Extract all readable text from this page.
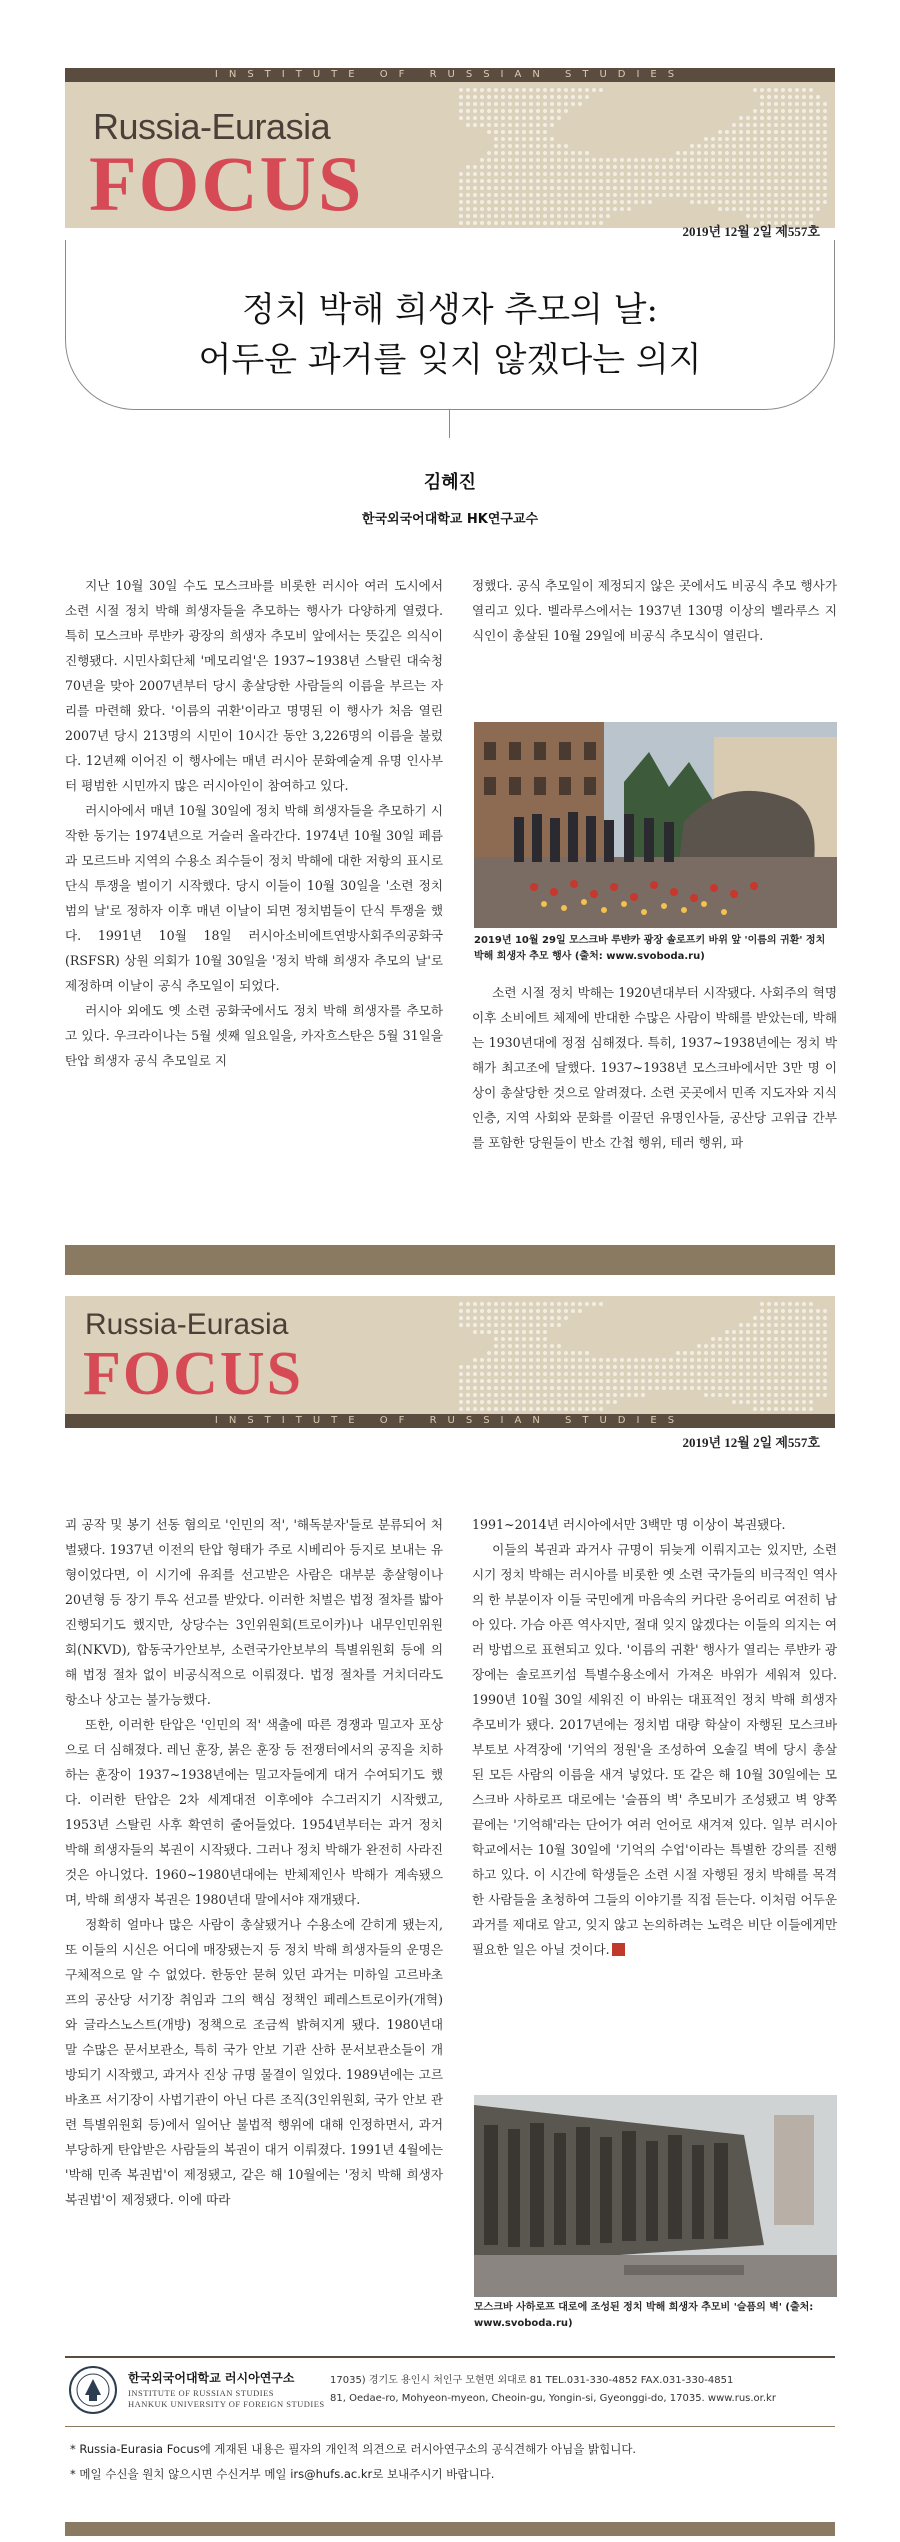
INSTITUTE OF RUSSIAN STUDIES
Russia-Eurasia
FOCUS
2019년 12월 2일 제557호
정치 박해 희생자 추모의 날:
어두운 과거를 잊지 않겠다는 의지
김혜진
한국외국어대학교 HK연구교수

지난 10월 30일 수도 모스크바를 비롯한 러시아 여러 도시에서 소련 시절 정치 박해 희생자들을 추모하는 행사가 다양하게 열렸다. 특히 모스크바 루뱐카 광장의 희생자 추모비 앞에서는 뜻깊은 의식이 진행됐다. 시민사회단체 '메모리얼'은 1937~1938년 스탈린 대숙청 70년을 맞아 2007년부터 당시 총살당한 사람들의 이름을 부르는 자리를 마련해 왔다. '이름의 귀환'이라고 명명된 이 행사가 처음 열린 2007년 당시 213명의 시민이 10시간 동안 3,226명의 이름을 불렀다. 12년째 이어진 이 행사에는 매년 러시아 문화예술계 유명 인사부터 평범한 시민까지 많은 러시아인이 참여하고 있다.

러시아에서 매년 10월 30일에 정치 박해 희생자들을 추모하기 시작한 동기는 1974년으로 거슬러 올라간다. 1974년 10월 30일 페름과 모르드바 지역의 수용소 죄수들이 정치 박해에 대한 저항의 표시로 단식 투쟁을 벌이기 시작했다. 당시 이들이 10월 30일을 '소련 정치범의 날'로 정하자 이후 매년 이날이 되면 정치범들이 단식 투쟁을 했다. 1991년 10월 18일 러시아소비에트연방사회주의공화국(RSFSR) 상원 의회가 10월 30일을 '정치 박해 희생자 추모의 날'로 제정하며 이날이 공식 추모일이 되었다.

러시아 외에도 옛 소련 공화국에서도 정치 박해 희생자를 추모하고 있다. 우크라이나는 5월 셋째 일요일을, 카자흐스탄은 5월 31일을 탄압 희생자 공식 추모일로 지

정했다. 공식 추모일이 제정되지 않은 곳에서도 비공식 추모 행사가 열리고 있다. 벨라루스에서는 1937년 130명 이상의 벨라루스 지식인이 총살된 10월 29일에 비공식 추모식이 열린다.

2019년 10월 29일 모스크바 루뱐카 광장 솔로프키 바위 앞 '이름의 귀환' 정치 박해 희생자 추모 행사 (출처: www.svoboda.ru)

소련 시절 정치 박해는 1920년대부터 시작됐다. 사회주의 혁명 이후 소비에트 체제에 반대한 수많은 사람이 박해를 받았는데, 박해는 1930년대에 정점 심해졌다. 특히, 1937~1938년에는 정치 박해가 최고조에 달했다. 1937~1938년 모스크바에서만 3만 명 이상이 총살당한 것으로 알려졌다. 소련 곳곳에서 민족 지도자와 지식인층, 지역 사회와 문화를 이끌던 유명인사들, 공산당 고위급 간부를 포함한 당원들이 반소 간첩 행위, 테러 행위, 파

Russia-Eurasia
FOCUS
INSTITUTE OF RUSSIAN STUDIES
2019년 12월 2일 제557호

괴 공작 및 봉기 선동 혐의로 '인민의 적', '해독분자'들로 분류되어 처벌됐다. 1937년 이전의 탄압 형태가 주로 시베리아 등지로 보내는 유형이었다면, 이 시기에 유죄를 선고받은 사람은 대부분 총살형이나 20년형 등 장기 투옥 선고를 받았다. 이러한 처벌은 법정 절차를 밟아 진행되기도 했지만, 상당수는 3인위원회(트로이카)나 내무인민위원회(NKVD), 합동국가안보부, 소련국가안보부의 특별위원회 등에 의해 법정 절차 없이 비공식적으로 이뤄졌다. 법정 절차를 거치더라도 항소나 상고는 불가능했다.

또한, 이러한 탄압은 '인민의 적' 색출에 따른 경쟁과 밀고자 포상으로 더 심해졌다. 레닌 훈장, 붉은 훈장 등 전쟁터에서의 공직을 치하하는 훈장이 1937~1938년에는 밀고자들에게 대거 수여되기도 했다. 이러한 탄압은 2차 세계대전 이후에야 수그러지기 시작했고, 1953년 스탈린 사후 확연히 줄어들었다. 1954년부터는 과거 정치 박해 희생자들의 복권이 시작됐다. 그러나 정치 박해가 완전히 사라진 것은 아니었다. 1960~1980년대에는 반체제인사 박해가 계속됐으며, 박해 희생자 복권은 1980년대 말에서야 재개됐다.

정확히 얼마나 많은 사람이 총살됐거나 수용소에 갇히게 됐는지, 또 이들의 시신은 어디에 매장됐는지 등 정치 박해 희생자들의 운명은 구체적으로 알 수 없었다. 한동안 묻혀 있던 과거는 미하일 고르바초프의 공산당 서기장 취임과 그의 핵심 정책인 페레스트로이카(개혁)와 글라스노스트(개방) 정책으로 조금씩 밝혀지게 됐다. 1980년대 말 수많은 문서보관소, 특히 국가 안보 기관 산하 문서보관소들이 개방되기 시작했고, 과거사 진상 규명 물결이 일었다. 1989년에는 고르바초프 서기장이 사법기관이 아닌 다른 조직(3인위원회, 국가 안보 관련 특별위원회 등)에서 일어난 불법적 행위에 대해 인정하면서, 과거 부당하게 탄압받은 사람들의 복권이 대거 이뤄졌다. 1991년 4월에는 '박해 민족 복권법'이 제정됐고, 같은 해 10월에는 '정치 박해 희생자 복권법'이 제정됐다. 이에 따라

1991~2014년 러시아에서만 3백만 명 이상이 복권됐다.

이들의 복권과 과거사 규명이 뒤늦게 이뤄지고는 있지만, 소련 시기 정치 박해는 러시아를 비롯한 옛 소련 국가들의 비극적인 역사의 한 부분이자 이들 국민에게 마음속의 커다란 응어리로 여전히 남아 있다. 가슴 아픈 역사지만, 절대 잊지 않겠다는 이들의 의지는 여러 방법으로 표현되고 있다. '이름의 귀환' 행사가 열리는 루뱐카 광장에는 솔로프키섬 특별수용소에서 가져온 바위가 세워져 있다. 1990년 10월 30일 세워진 이 바위는 대표적인 정치 박해 희생자 추모비가 됐다. 2017년에는 정치범 대량 학살이 자행된 모스크바 부토보 사격장에 '기억의 정원'을 조성하여 오솔길 벽에 당시 총살된 모든 사람의 이름을 새겨 넣었다. 또 같은 해 10월 30일에는 모스크바 사하로프 대로에는 '슬픔의 벽' 추모비가 조성됐고 벽 양쪽 끝에는 '기억해'라는 단어가 여러 언어로 새겨져 있다. 일부 러시아 학교에서는 10월 30일에 '기억의 수업'이라는 특별한 강의를 진행하고 있다. 이 시간에 학생들은 소련 시절 자행된 정치 박해를 목격한 사람들을 초청하여 그들의 이야기를 직접 듣는다. 이처럼 어두운 과거를 제대로 알고, 잊지 않고 논의하려는 노력은 비단 이들에게만 필요한 일은 아닐 것이다.

모스크바 사하로프 대로에 조성된 정치 박해 희생자 추모비 '슬픔의 벽' (출처: www.svoboda.ru)
한국외국어대학교 러시아연구소
INSTITUTE OF RUSSIAN STUDIES
HANKUK UNIVERSITY OF FOREIGN STUDIES
17035) 경기도 용인시 처인구 모현면 외대로 81 TEL.031-330-4852 FAX.031-330-4851
81, Oedae-ro, Mohyeon-myeon, Cheoin-gu, Yongin-si, Gyeonggi-do, 17035. www.rus.or.kr
* Russia-Eurasia Focus에 게재된 내용은 필자의 개인적 의견으로 러시아연구소의 공식견해가 아님을 밝힙니다.
* 메일 수신을 원치 않으시면 수신거부 메일 irs@hufs.ac.kr로 보내주시기 바랍니다.
